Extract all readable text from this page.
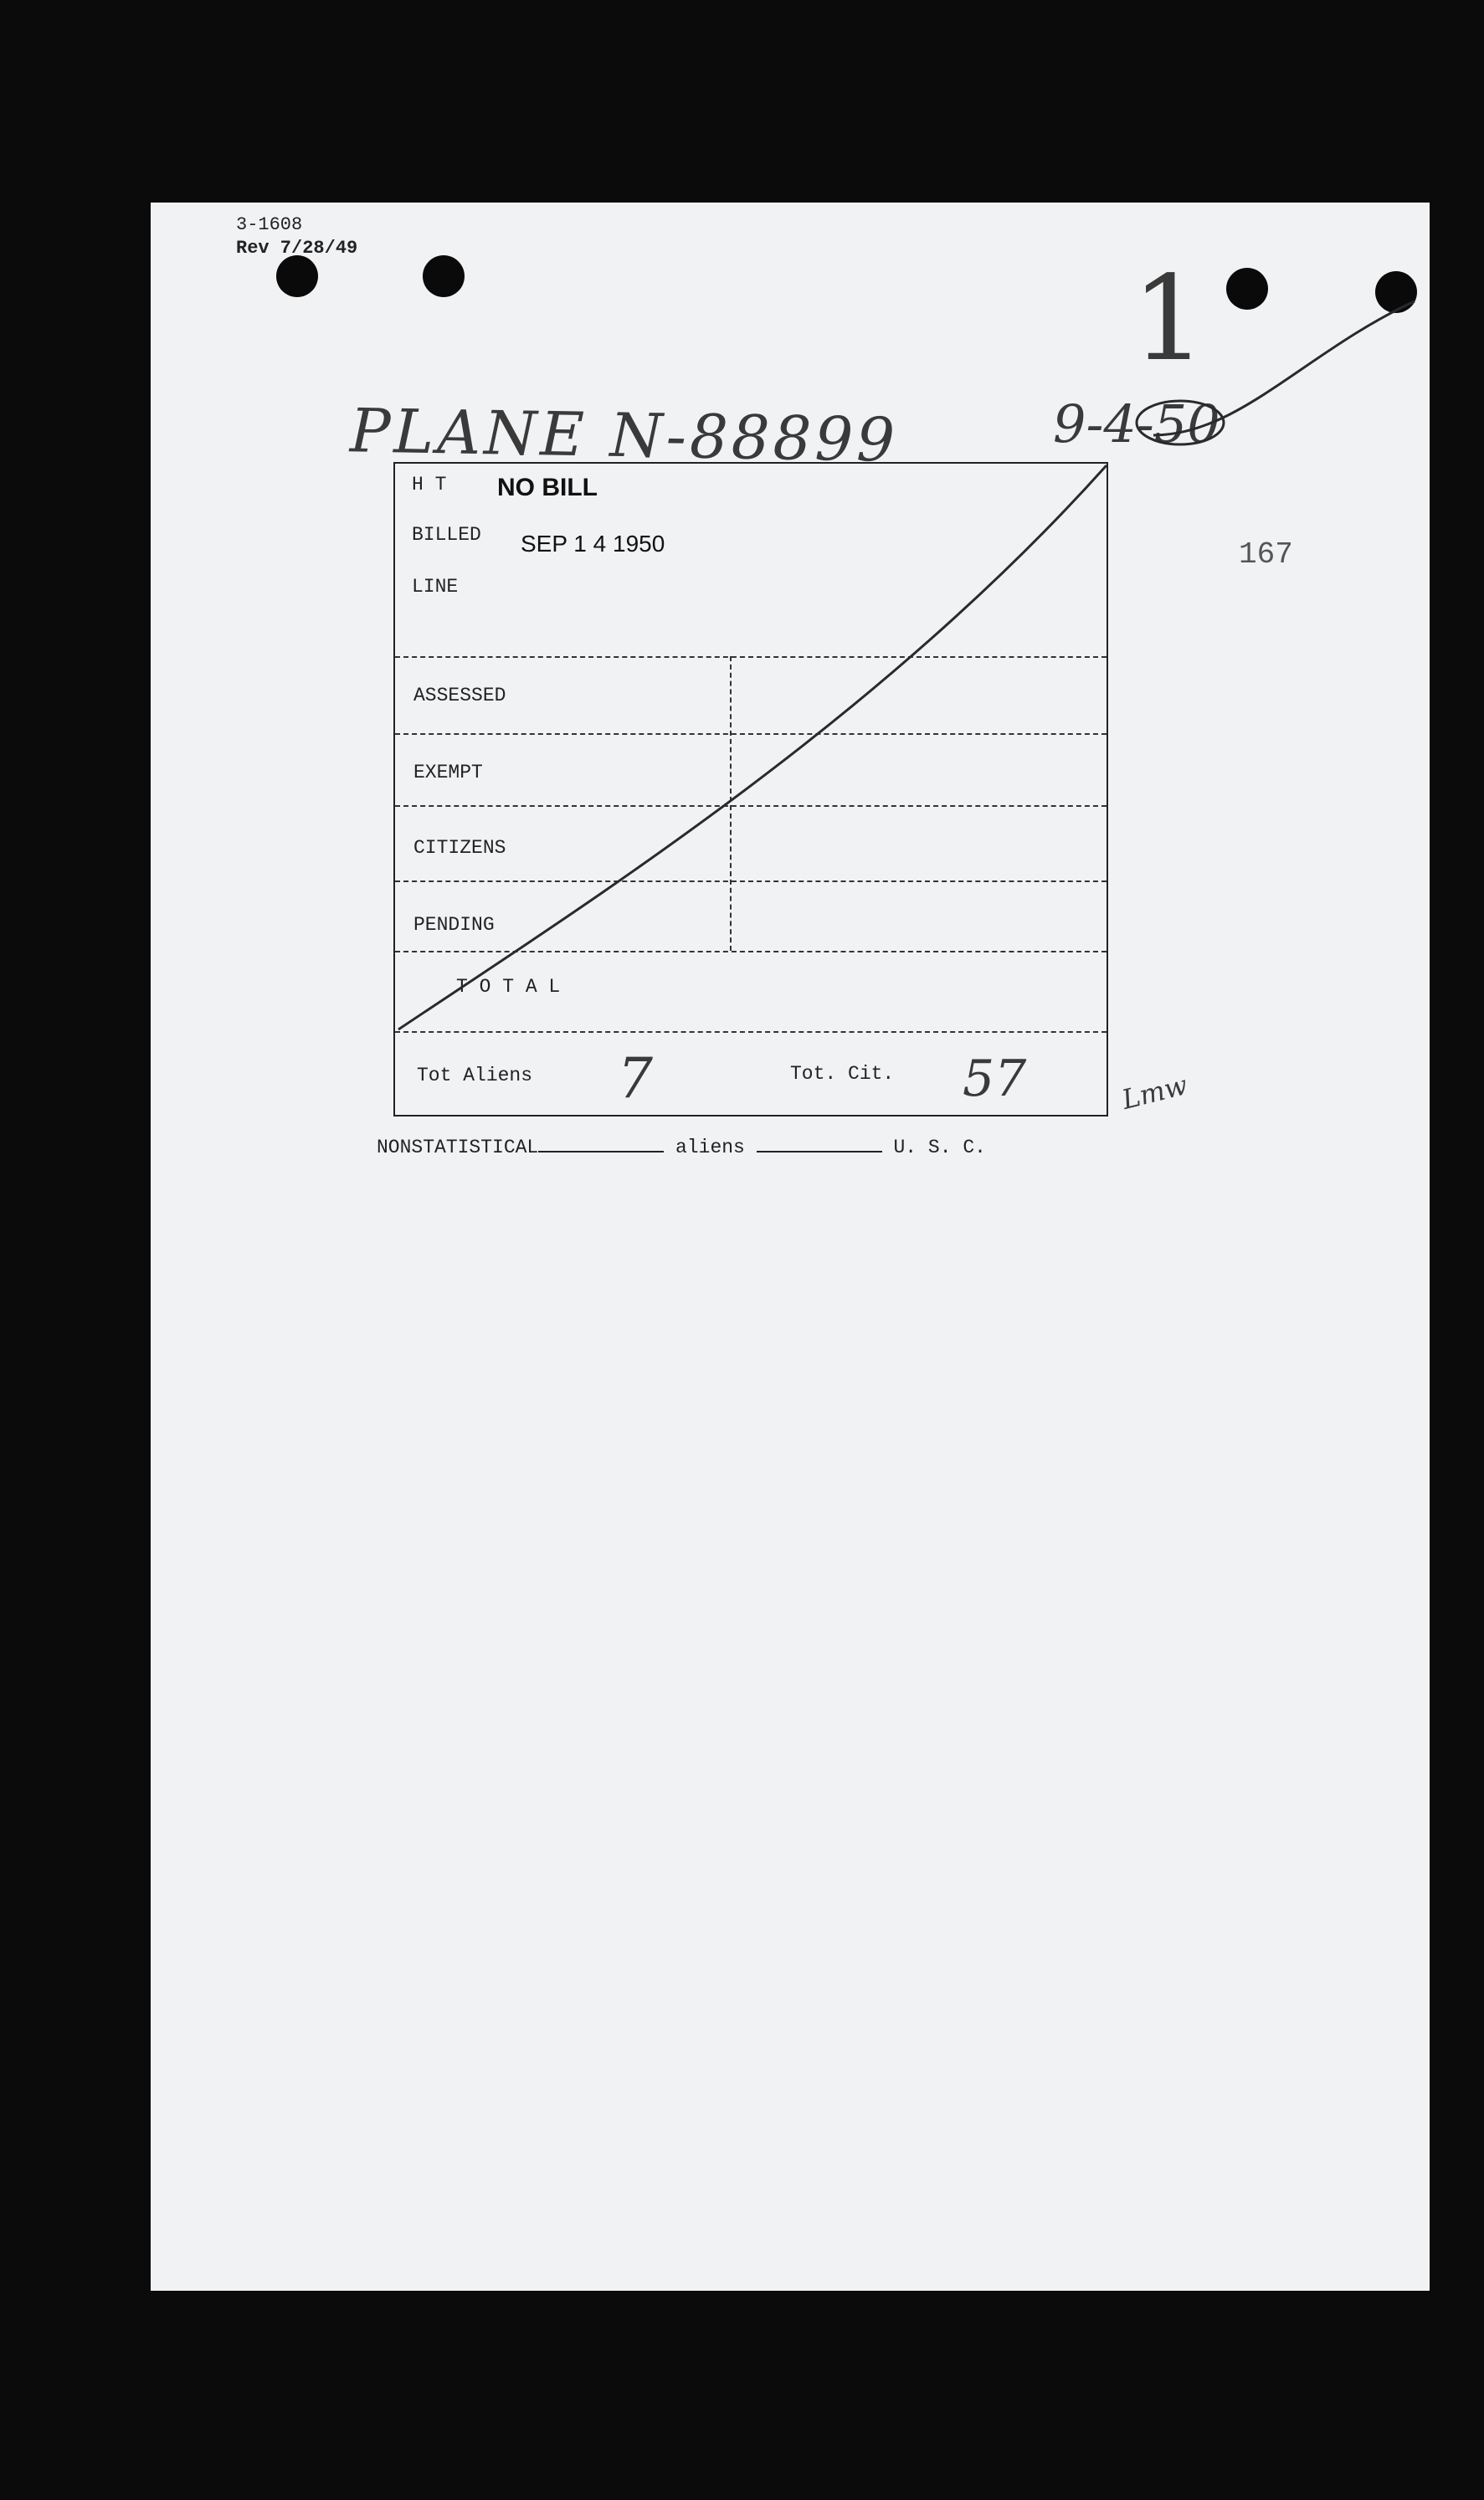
3-1608
Rev 7/28/49
PLANE N-88899	9-4-50
1
167
H T NO BILL
BILLED SEP 1 4 1950
LINE
ASSESSED
EXEMPT
CITIZENS
PENDING
T O T A L
Tot Aliens 7	Tot. Cit. 57	Lmw
NONSTATISTICAL	aliens	U. S. C.
